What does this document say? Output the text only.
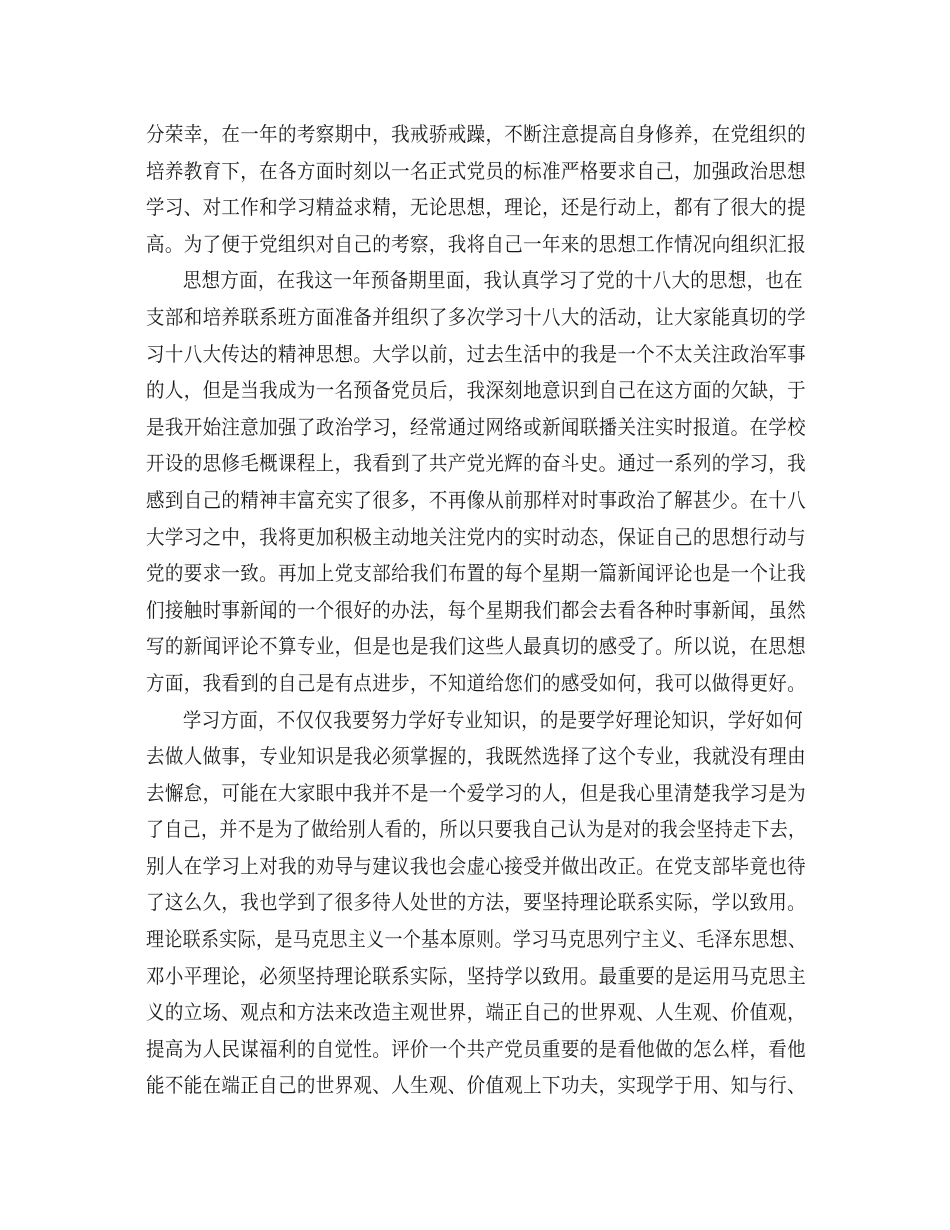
分荣幸，在一年的考察期中，我戒骄戒躁，不断注意提高自身修养，在党组织的
培养教育下，在各方面时刻以一名正式党员的标准严格要求自己，加强政治思想
学习、对工作和学习精益求精，无论思想，理论，还是行动上，都有了很大的提
高。为了便于党组织对自己的考察，我将自己一年来的思想工作情况向组织汇报
思想方面，在我这一年预备期里面，我认真学习了党的十八大的思想，也在
支部和培养联系班方面准备并组织了多次学习十八大的活动，让大家能真切的学
习十八大传达的精神思想。大学以前，过去生活中的我是一个不太关注政治军事
的人，但是当我成为一名预备党员后，我深刻地意识到自己在这方面的欠缺，于
是我开始注意加强了政治学习，经常通过网络或新闻联播关注实时报道。在学校
开设的思修毛概课程上，我看到了共产党光辉的奋斗史。通过一系列的学习，我
感到自己的精神丰富充实了很多，不再像从前那样对时事政治了解甚少。在十八
大学习之中，我将更加积极主动地关注党内的实时动态，保证自己的思想行动与
党的要求一致。再加上党支部给我们布置的每个星期一篇新闻评论也是一个让我
们接触时事新闻的一个很好的办法，每个星期我们都会去看各种时事新闻，虽然
写的新闻评论不算专业，但是也是我们这些人最真切的感受了。所以说，在思想
方面，我看到的自己是有点进步，不知道给您们的感受如何，我可以做得更好。
学习方面，不仅仅我要努力学好专业知识，的是要学好理论知识，学好如何
去做人做事，专业知识是我必须掌握的，我既然选择了这个专业，我就没有理由
去懈怠，可能在大家眼中我并不是一个爱学习的人，但是我心里清楚我学习是为
了自己，并不是为了做给别人看的，所以只要我自己认为是对的我会坚持走下去，
别人在学习上对我的劝导与建议我也会虚心接受并做出改正。在党支部毕竟也待
了这么久，我也学到了很多待人处世的方法，要坚持理论联系实际，学以致用。
理论联系实际，是马克思主义一个基本原则。学习马克思列宁主义、毛泽东思想、
邓小平理论，必须坚持理论联系实际，坚持学以致用。最重要的是运用马克思主
义的立场、观点和方法来改造主观世界，端正自己的世界观、人生观、价值观，
提高为人民谋福利的自觉性。评价一个共产党员重要的是看他做的怎么样，看他
能不能在端正自己的世界观、人生观、价值观上下功夫，实现学于用、知与行、
